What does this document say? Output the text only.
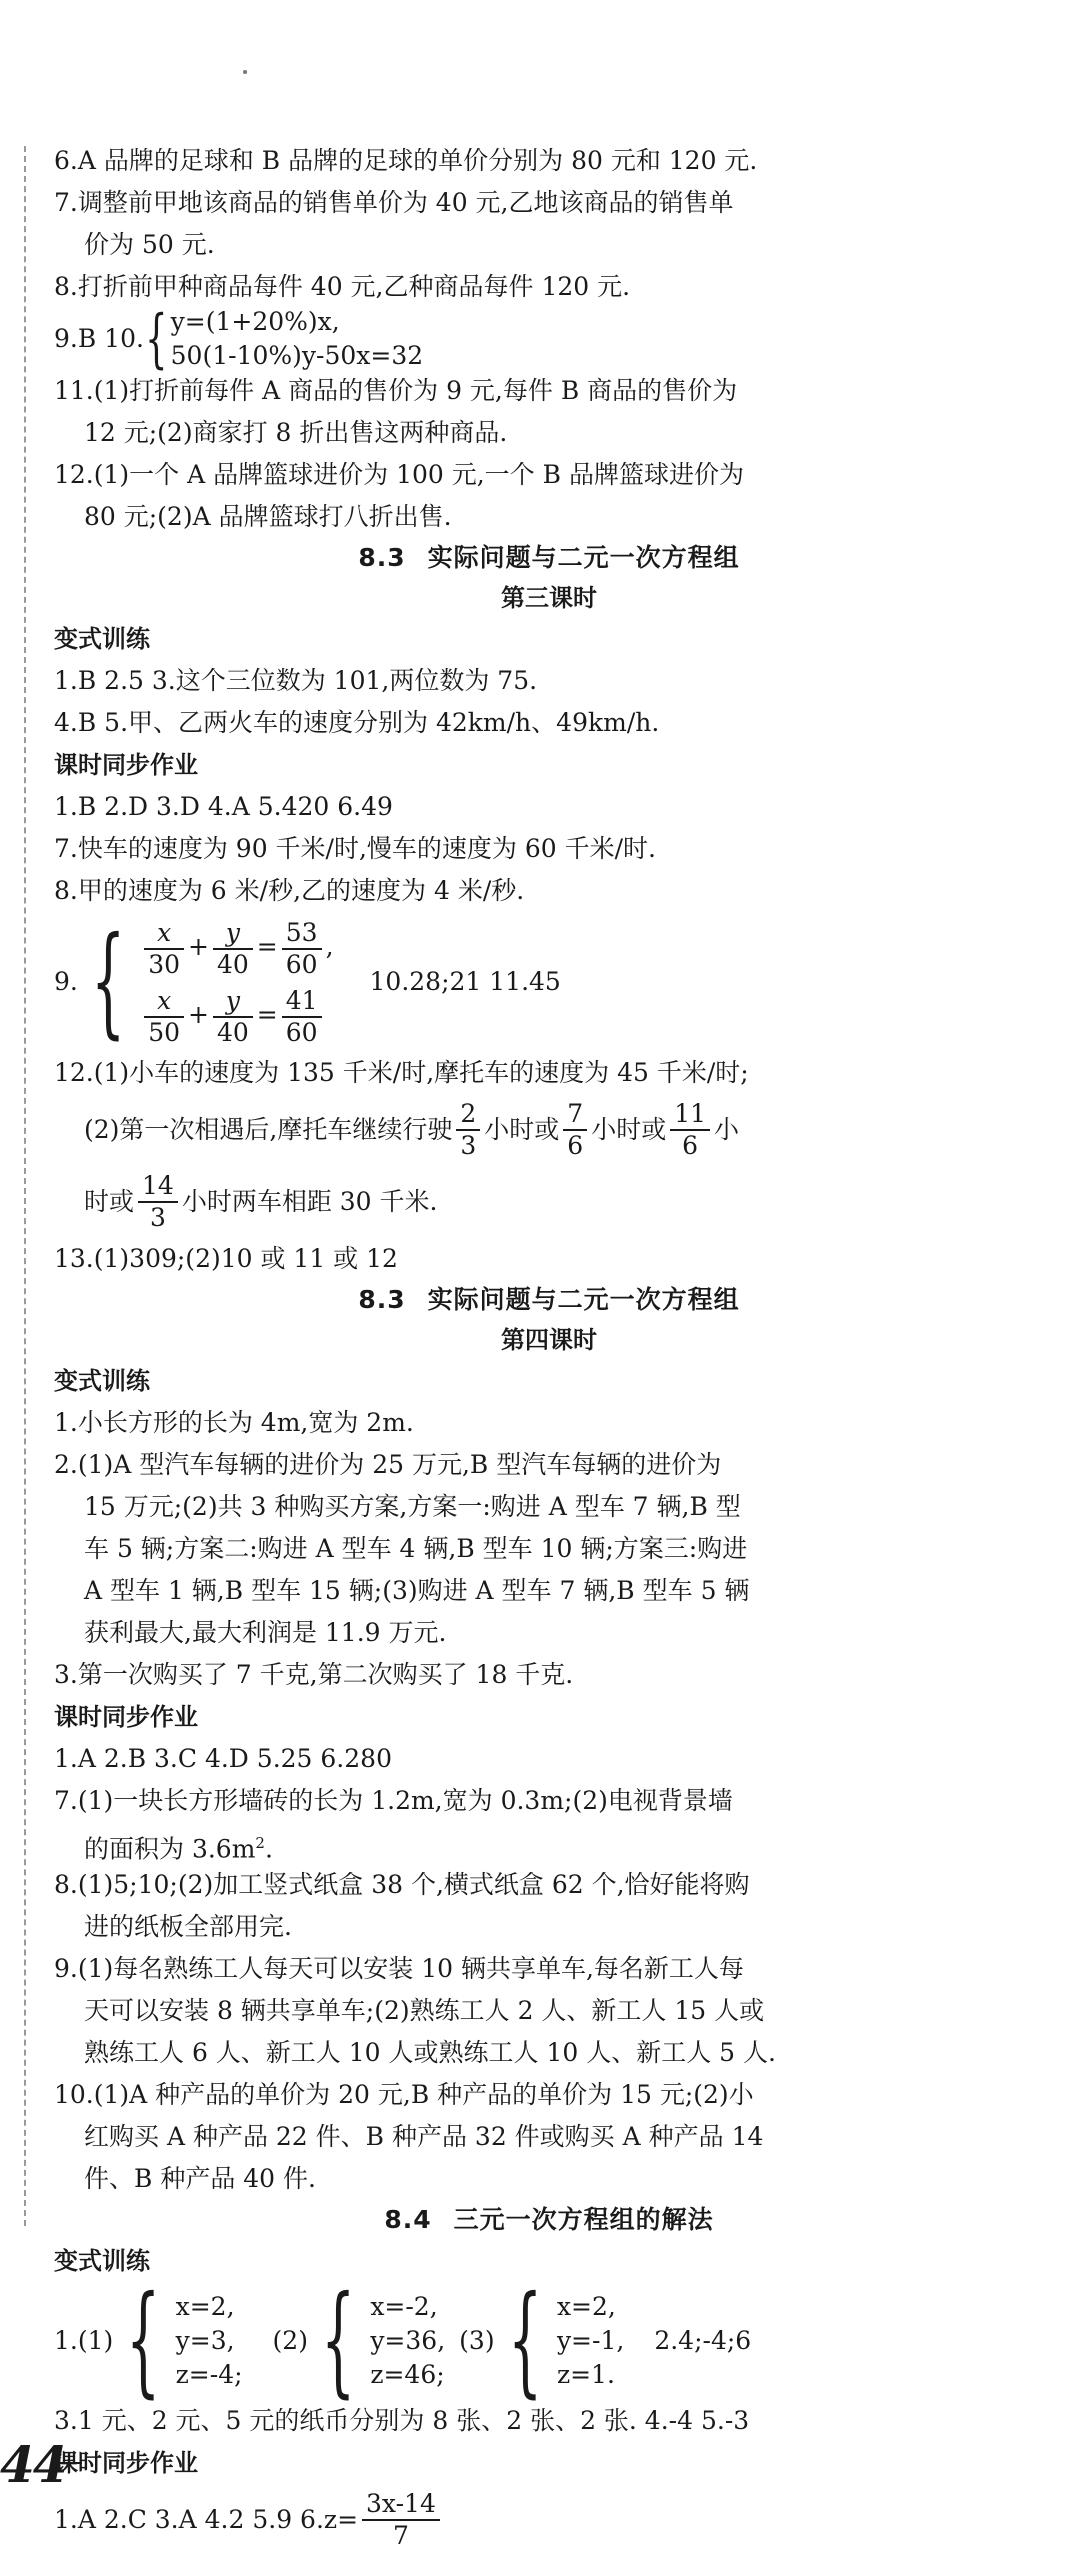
6.A 品牌的足球和 B 品牌的足球的单价分别为 80 元和 120 元.
7.调整前甲地该商品的销售单价为 40 元,乙地该商品的销售单
价为 50 元.
8.打折前甲种商品每件 40 元,乙种商品每件 120 元.
9.B 10. { y=(1+20%)x,
50(1-10%)y-50x=32
11.(1)打折前每件 A 商品的售价为 9 元,每件 B 商品的售价为
12 元;(2)商家打 8 折出售这两种商品.
12.(1)一个 A 品牌篮球进价为 100 元,一个 B 品牌篮球进价为
80 元;(2)A 品牌篮球打八折出售.
8.3 实际问题与二元一次方程组
第三课时
变式训练
1.B 2.5 3.这个三位数为 101,两位数为 75.
4.B 5.甲、乙两火车的速度分别为 42km/h、49km/h.
课时同步作业
1.B 2.D 3.D 4.A 5.420 6.49
7.快车的速度为 90 千米/时,慢车的速度为 60 千米/时.
8.甲的速度为 6 米/秒,乙的速度为 4 米/秒.
9. { $\frac{x}{30} + \frac{y}{40} = \frac{53}{60}$ ,
$\frac{x}{50} + \frac{y}{40} = \frac{41}{60}$
10.28;21 11.45
12.(1)小车的速度为 135 千米/时,摩托车的速度为 45 千米/时;
(2)第一次相遇后,摩托车继续行驶 $\frac{2}{3}$ 小时或 $\frac{7}{6}$ 小时或 $\frac{11}{6}$ 小
时或 $\frac{14}{3}$ 小时两车相距 30 千米.
13.(1)309;(2)10 或 11 或 12
8.3 实际问题与二元一次方程组
第四课时
变式训练
1.小长方形的长为 4m,宽为 2m.
2.(1)A 型汽车每辆的进价为 25 万元,B 型汽车每辆的进价为
15 万元;(2)共 3 种购买方案,方案一:购进 A 型车 7 辆,B 型
车 5 辆;方案二:购进 A 型车 4 辆,B 型车 10 辆;方案三:购进
A 型车 1 辆,B 型车 15 辆;(3)购进 A 型车 7 辆,B 型车 5 辆
获利最大,最大利润是 11.9 万元.
3.第一次购买了 7 千克,第二次购买了 18 千克.
课时同步作业
1.A 2.B 3.C 4.D 5.25 6.280
7.(1)一块长方形墙砖的长为 1.2m,宽为 0.3m;(2)电视背景墙
的面积为 $3.6m^2$.
8.(1)5;10;(2)加工竖式纸盒 38 个,横式纸盒 62 个,恰好能将购
进的纸板全部用完.
9.(1)每名熟练工人每天可以安装 10 辆共享单车,每名新工人每
天可以安装 8 辆共享单车;(2)熟练工人 2 人、新工人 15 人或
熟练工人 6 人、新工人 10 人或熟练工人 10 人、新工人 5 人.
10.(1)A 种产品的单价为 20 元,B 种产品的单价为 15 元;(2)小
红购买 A 种产品 22 件、B 种产品 32 件或购买 A 种产品 14
件、B 种产品 40 件.
8.4 三元一次方程组的解法
变式训练
1.(1) { x=2,
y=3,
z=-4;
(2) { x=-2,
y=36,
z=46;
(3) { x=2,
y=-1,
z=1.
2.4;-4;6
3.1 元、2 元、5 元的纸币分别为 8 张、2 张、2 张. 4.-4 5.-3
课时同步作业
1.A 2.C 3.A 4.2 5.9 $6.z= \frac{3x-14}{7}$
44
